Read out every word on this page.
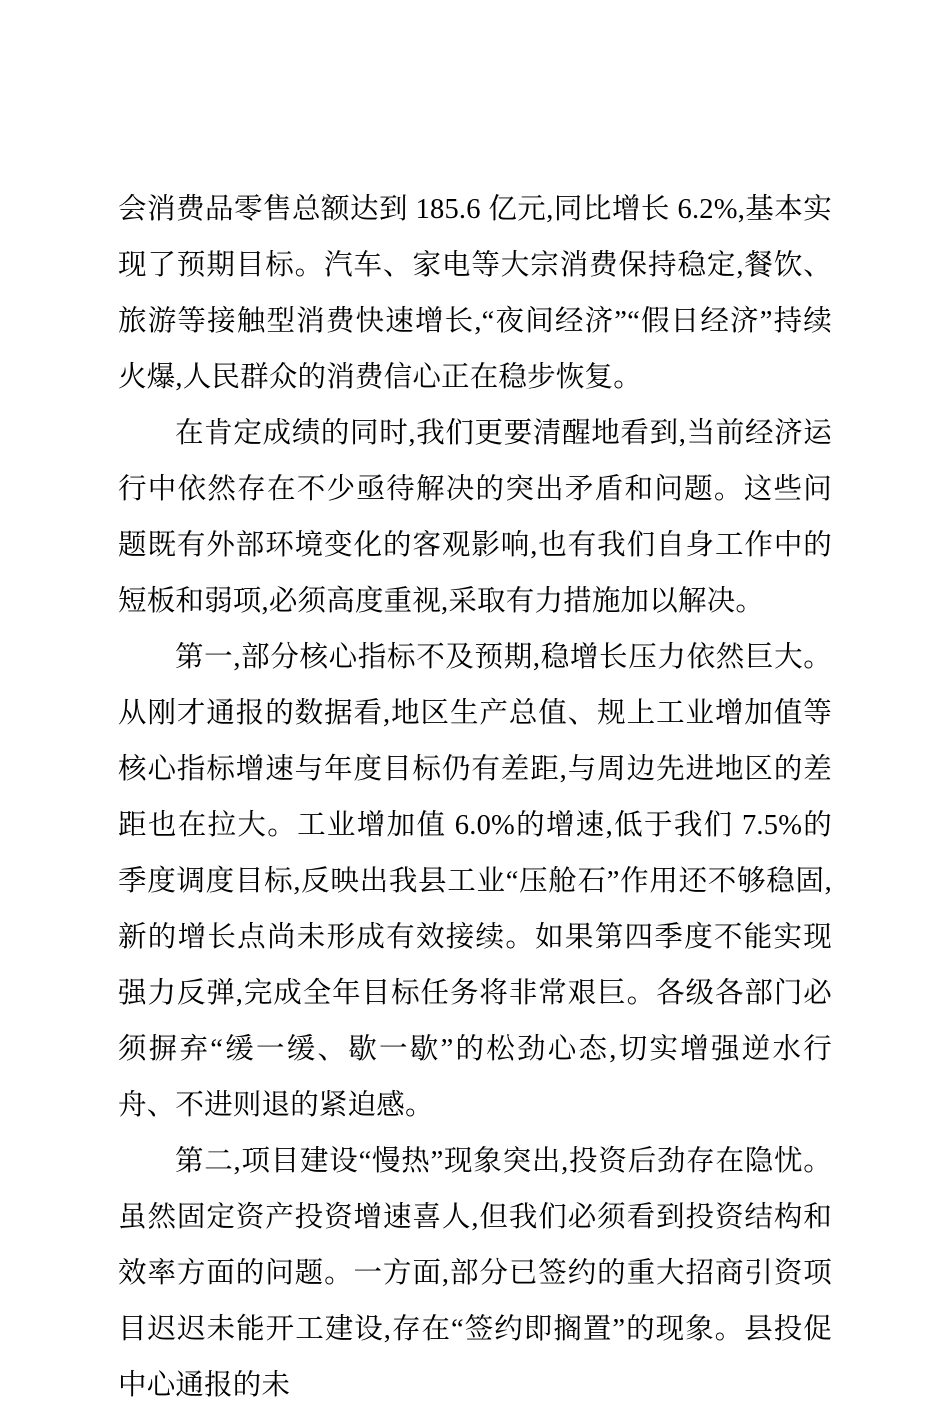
会消费品零售总额达到 185.6 亿元,同比增长 6.2%,基本实现了预期目标。汽车、家电等大宗消费保持稳定,餐饮、旅游等接触型消费快速增长,“夜间经济”“假日经济”持续火爆,人民群众的消费信心正在稳步恢复。

在肯定成绩的同时,我们更要清醒地看到,当前经济运行中依然存在不少亟待解决的突出矛盾和问题。这些问题既有外部环境变化的客观影响,也有我们自身工作中的短板和弱项,必须高度重视,采取有力措施加以解决。

第一,部分核心指标不及预期,稳增长压力依然巨大。从刚才通报的数据看,地区生产总值、规上工业增加值等核心指标增速与年度目标仍有差距,与周边先进地区的差距也在拉大。工业增加值 6.0%的增速,低于我们 7.5%的季度调度目标,反映出我县工业“压舱石”作用还不够稳固,新的增长点尚未形成有效接续。如果第四季度不能实现强力反弹,完成全年目标任务将非常艰巨。各级各部门必须摒弃“缓一缓、歇一歇”的松劲心态,切实增强逆水行舟、不进则退的紧迫感。

第二,项目建设“慢热”现象突出,投资后劲存在隐忧。虽然固定资产投资增速喜人,但我们必须看到投资结构和效率方面的问题。一方面,部分已签约的重大招商引资项目迟迟未能开工建设,存在“签约即搁置”的现象。县投促中心通报的未
